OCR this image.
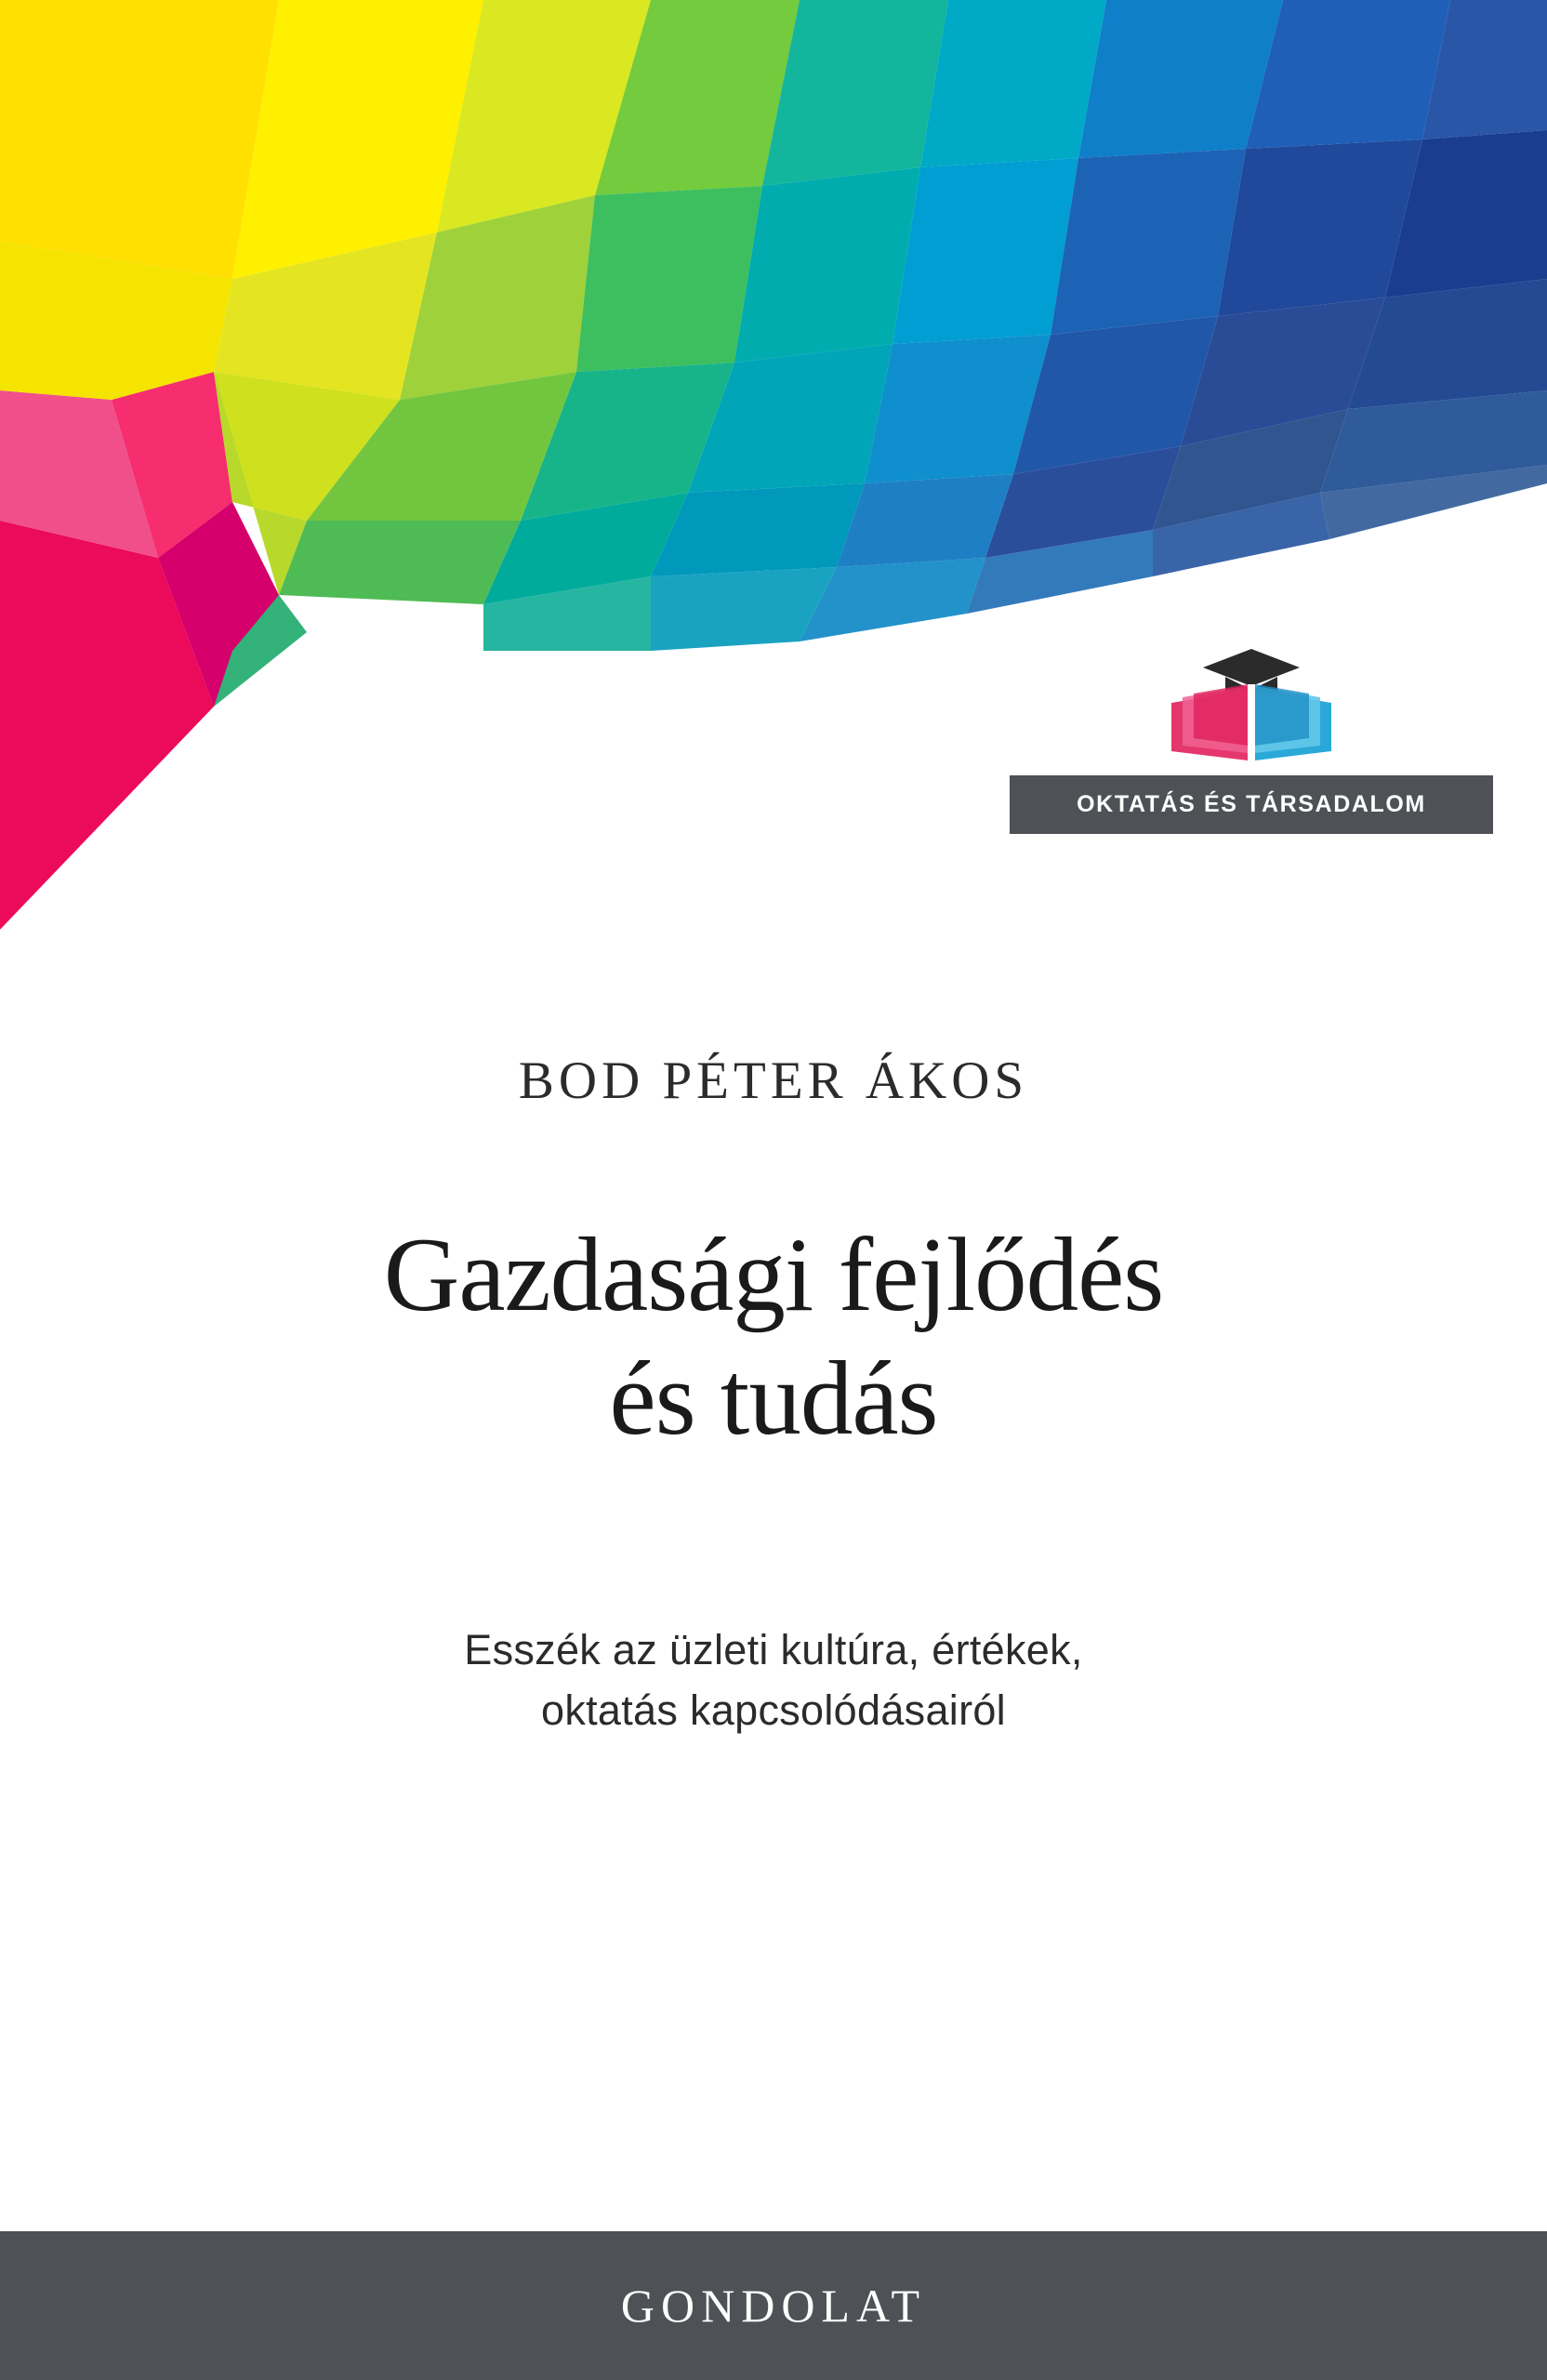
OKTATÁS ÉS TÁRSADALOM
BOD PÉTER ÁKOS
Gazdasági fejlődés
és tudás
Esszék az üzleti kultúra, értékek,
oktatás kapcsolódásairól
GONDOLAT
